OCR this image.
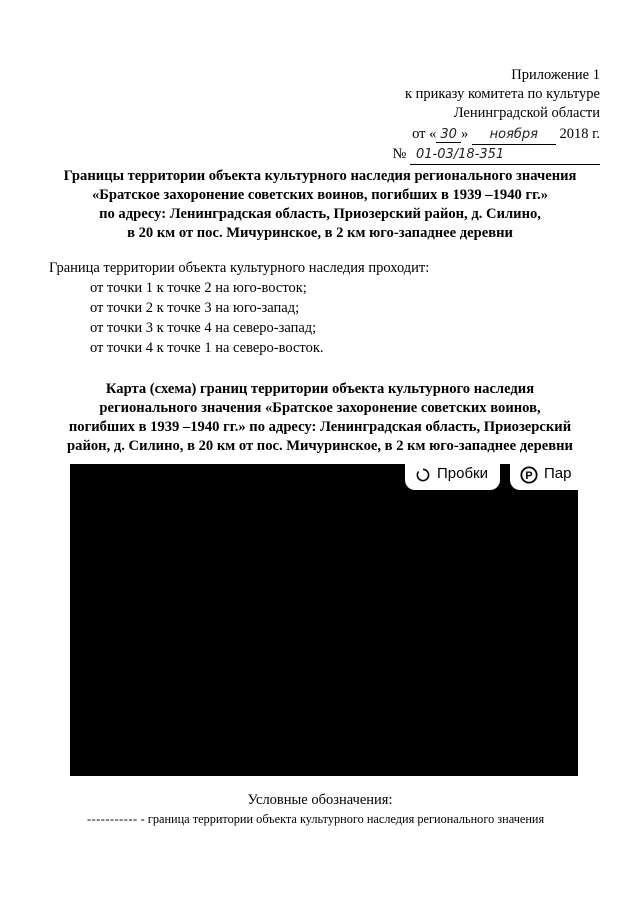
Приложение 1
к приказу комитета по культуре
Ленинградской области
от « 30 » ноября 2018 г.
№ 01-03/18-351
Границы территории объекта культурного наследия регионального значения
«Братское захоронение советских воинов, погибших в 1939 –1940 гг.»
по адресу: Ленинградская область, Приозерский район, д. Силино,
в 20 км от пос. Мичуринское, в 2 км юго-западнее деревни
Граница территории объекта культурного наследия проходит:
от точки 1 к точке 2 на юго-восток;
от точки 2 к точке 3 на юго-запад;
от точки 3 к точке 4 на северо-запад;
от точки 4 к точке 1 на северо-восток.
Карта (схема) границ территории объекта культурного наследия
регионального значения «Братское захоронение советских воинов,
погибших в 1939 –1940 гг.» по адресу: Ленинградская область, Приозерский
район, д. Силино, в 20 км от пос. Мичуринское, в 2 км юго-западнее деревни
Пробки	P Пар
Условные обозначения:
----------- - граница территории объекта культурного наследия регионального значения
